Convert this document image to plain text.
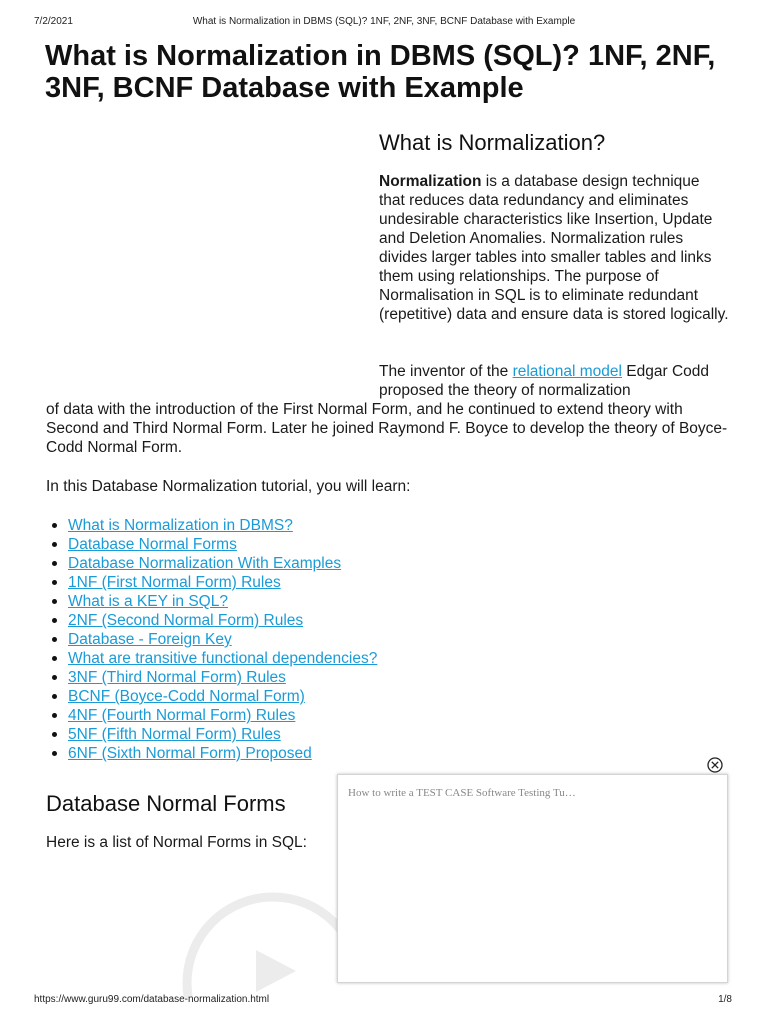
7/2/2021	What is Normalization in DBMS (SQL)? 1NF, 2NF, 3NF, BCNF Database with Example
What is Normalization in DBMS (SQL)? 1NF, 2NF, 3NF, BCNF Database with Example
What is Normalization?

Normalization is a database design technique that reduces data redundancy and eliminates undesirable characteristics like Insertion, Update and Deletion Anomalies. Normalization rules divides larger tables into smaller tables and links them using relationships. The purpose of Normalisation in SQL is to eliminate redundant (repetitive) data and ensure data is stored logically.

The inventor of the relational model Edgar Codd proposed the theory of normalization

of data with the introduction of the First Normal Form, and he continued to extend theory with Second and Third Normal Form. Later he joined Raymond F. Boyce to develop the theory of Boyce-Codd Normal Form.

In this Database Normalization tutorial, you will learn:

What is Normalization in DBMS?
Database Normal Forms
Database Normalization With Examples
1NF (First Normal Form) Rules
What is a KEY in SQL?
2NF (Second Normal Form) Rules
Database - Foreign Key
What are transitive functional dependencies?
3NF (Third Normal Form) Rules
BCNF (Boyce-Codd Normal Form)
4NF (Fourth Normal Form) Rules
5NF (Fifth Normal Form) Rules
6NF (Sixth Normal Form) Proposed
Database Normal Forms

Here is a list of Normal Forms in SQL:

How to write a TEST CASE Software Testing Tu…
https://www.guru99.com/database-normalization.html	1/8
